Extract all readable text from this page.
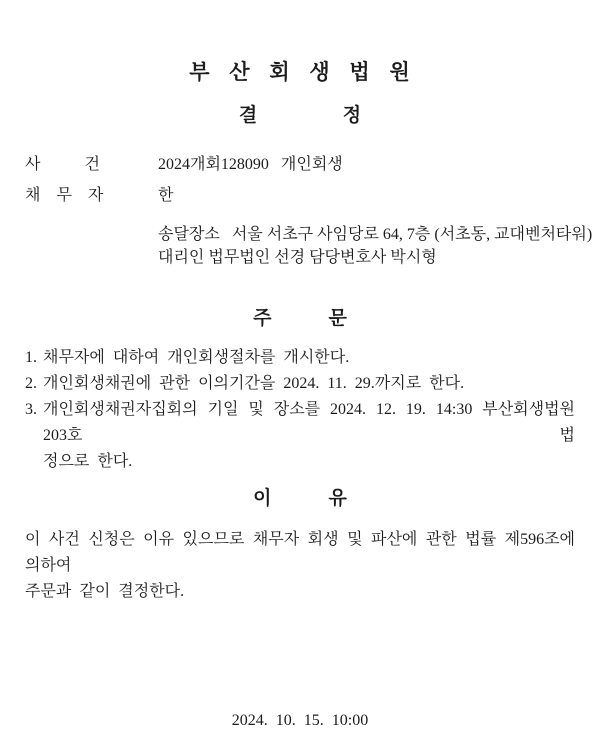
부   산   회   생   법   원
결                  정
사           건	2024개회128090   개인회생
채    무    자	한
송달장소   서울 서초구 사임당로 64, 7층 (서초동, 교대벤처타워)
대리인 법무법인 선경 담당변호사 박시형
주            문
1. 채무자에 대하여 개인회생절차를 개시한다.
2. 개인회생채권에 관한 이의기간을 2024. 11. 29.까지로 한다.
3. 개인회생채권자집회의 기일 및 장소를 2024. 12. 19. 14:30 부산회생법원 203호 법
정으로 한다.
이            유
이 사건 신청은 이유 있으므로 채무자 회생 및 파산에 관한 법률 제596조에 의하여
주문과 같이 결정한다.
2024.  10.  15.  10:00
